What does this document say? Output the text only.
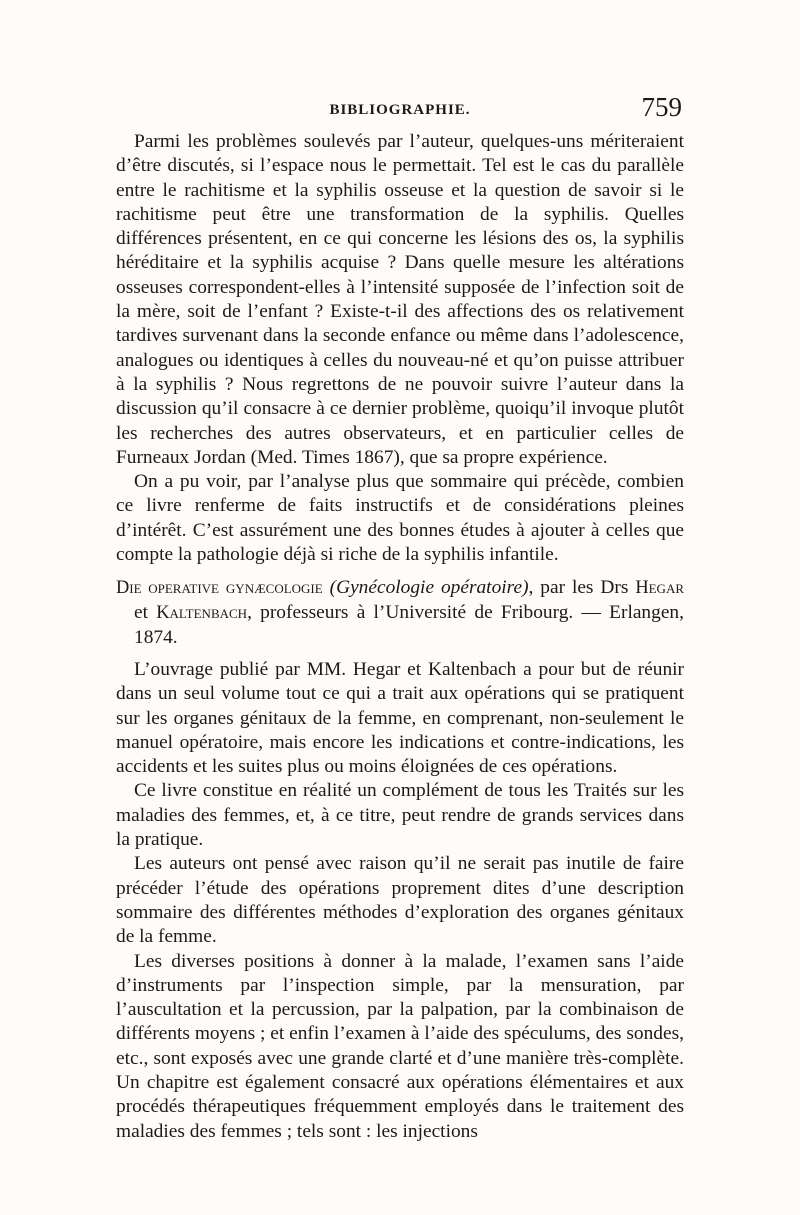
BIBLIOGRAPHIE.	759

Parmi les problèmes soulevés par l’auteur, quelques-uns mériteraient d’être discutés, si l’espace nous le permettait. Tel est le cas du parallèle entre le rachitisme et la syphilis osseuse et la question de savoir si le rachitisme peut être une transformation de la syphilis. Quelles différences présentent, en ce qui concerne les lésions des os, la syphilis héréditaire et la syphilis acquise ? Dans quelle mesure les altérations osseuses correspondent-elles à l’intensité supposée de l’infection soit de la mère, soit de l’enfant ? Existe-t-il des affections des os relativement tardives survenant dans la seconde enfance ou même dans l’adolescence, analogues ou identiques à celles du nouveau-né et qu’on puisse attribuer à la syphilis ? Nous regrettons de ne pouvoir suivre l’auteur dans la discussion qu’il consacre à ce dernier problème, quoiqu’il invoque plutôt les recherches des autres observateurs, et en particulier celles de Furneaux Jordan (Med. Times 1867), que sa propre expérience.

On a pu voir, par l’analyse plus que sommaire qui précède, combien ce livre renferme de faits instructifs et de considérations pleines d’intérêt. C’est assurément une des bonnes études à ajouter à celles que compte la pathologie déjà si riche de la syphilis infantile.

Die operative gynæcologie (Gynécologie opératoire), par les Drs Hegar et Kaltenbach, professeurs à l’Université de Fribourg. — Erlangen, 1874.

L’ouvrage publié par MM. Hegar et Kaltenbach a pour but de réunir dans un seul volume tout ce qui a trait aux opérations qui se pratiquent sur les organes génitaux de la femme, en comprenant, non-seulement le manuel opératoire, mais encore les indications et contre-indications, les accidents et les suites plus ou moins éloignées de ces opérations.

Ce livre constitue en réalité un complément de tous les Traités sur les maladies des femmes, et, à ce titre, peut rendre de grands services dans la pratique.

Les auteurs ont pensé avec raison qu’il ne serait pas inutile de faire précéder l’étude des opérations proprement dites d’une description sommaire des différentes méthodes d’exploration des organes génitaux de la femme.

Les diverses positions à donner à la malade, l’examen sans l’aide d’instruments par l’inspection simple, par la mensuration, par l’auscultation et la percussion, par la palpation, par la combinaison de différents moyens ; et enfin l’examen à l’aide des spéculums, des sondes, etc., sont exposés avec une grande clarté et d’une manière très-complète. Un chapitre est également consacré aux opérations élémentaires et aux procédés thérapeutiques fréquemment employés dans le traitement des maladies des femmes ; tels sont : les injections
